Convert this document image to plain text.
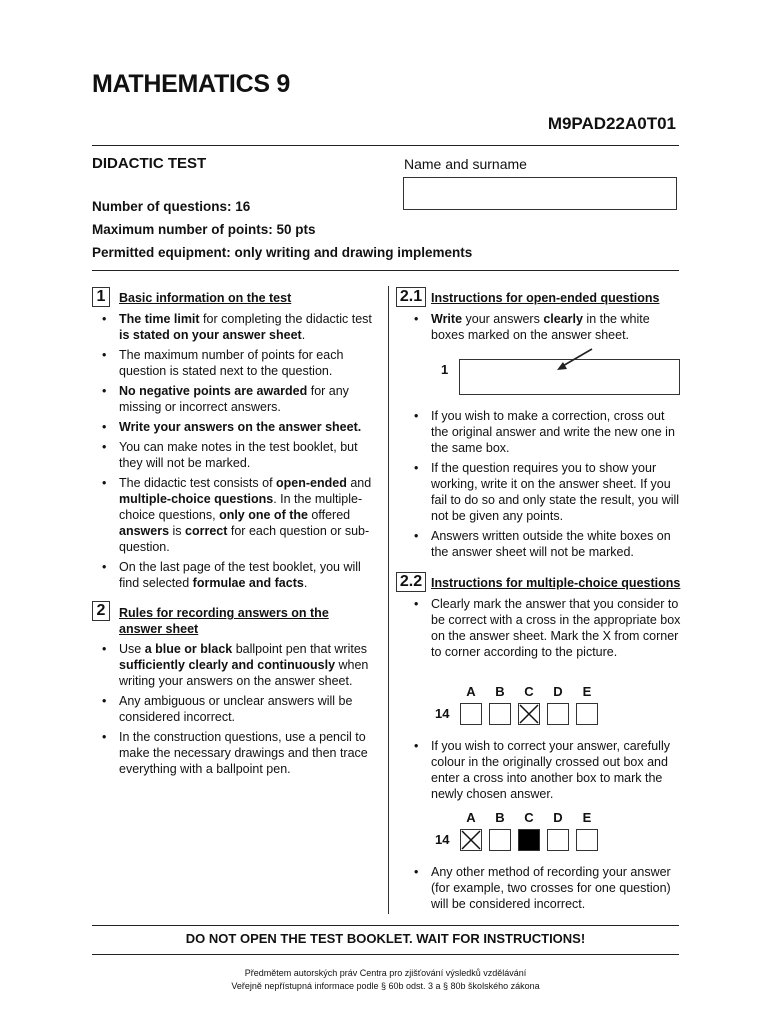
MATHEMATICS 9
M9PAD22A0T01
DIDACTIC TEST	Name and surname
Number of questions: 16
Maximum number of points: 50 pts
Permitted equipment: only writing and drawing implements
1	Basic information on the test
• The time limit for completing the didactic test is stated on your answer sheet.
• The maximum number of points for each question is stated next to the question.
• No negative points are awarded for any missing or incorrect answers.
• Write your answers on the answer sheet.
• You can make notes in the test booklet, but they will not be marked.
• The didactic test consists of open-ended and multiple-choice questions. In the multiple-choice questions, only one of the offered answers is correct for each question or sub-question.
• On the last page of the test booklet, you will find selected formulae and facts.
2	Rules for recording answers on the answer sheet
• Use a blue or black ballpoint pen that writes sufficiently clearly and continuously when writing your answers on the answer sheet.
• Any ambiguous or unclear answers will be considered incorrect.
• In the construction questions, use a pencil to make the necessary drawings and then trace everything with a ballpoint pen.
2.1 Instructions for open-ended questions
• Write your answers clearly in the white boxes marked on the answer sheet.
1
• If you wish to make a correction, cross out the original answer and write the new one in the same box.
• If the question requires you to show your working, write it on the answer sheet. If you fail to do so and only state the result, you will not be given any points.
• Answers written outside the white boxes on the answer sheet will not be marked.
2.2 Instructions for multiple-choice questions
• Clearly mark the answer that you consider to be correct with a cross in the appropriate box on the answer sheet. Mark the X from corner to corner according to the picture.
A	B	C	D	E
14
• If you wish to correct your answer, carefully colour in the originally crossed out box and enter a cross into another box to mark the newly chosen answer.
A	B	C	D	E
14
• Any other method of recording your answer (for example, two crosses for one question) will be considered incorrect.
DO NOT OPEN THE TEST BOOKLET. WAIT FOR INSTRUCTIONS!
Předmětem autorských práv Centra pro zjišťování výsledků vzdělávání
Veřejně nepřístupná informace podle § 60b odst. 3 a § 80b školského zákona
